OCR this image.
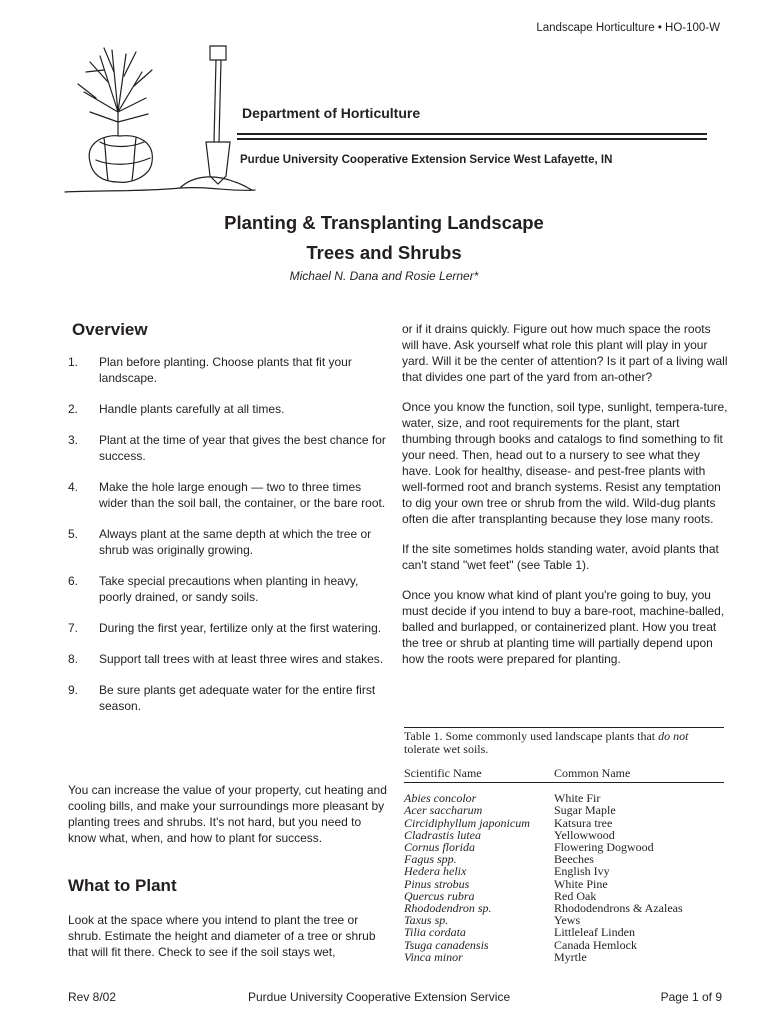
Landscape Horticulture • HO-100-W
Department of Horticulture
Purdue University Cooperative Extension Service West Lafayette, IN
Planting & Transplanting Landscape
Trees and Shrubs
Michael N. Dana and Rosie Lerner*
Overview
1. Plan before planting. Choose plants that fit your landscape.
2. Handle plants carefully at all times.
3. Plant at the time of year that gives the best chance for success.
4. Make the hole large enough — two to three times wider than the soil ball, the container, or the bare root.
5. Always plant at the same depth at which the tree or shrub was originally growing.
6. Take special precautions when planting in heavy, poorly drained, or sandy soils.
7. During the first year, fertilize only at the first watering.
8. Support tall trees with at least three wires and stakes.
9. Be sure plants get adequate water for the entire first season.
You can increase the value of your property, cut heating and cooling bills, and make your surroundings more pleasant by planting trees and shrubs. It's not hard, but you need to know what, when, and how to plant for success.
What to Plant
Look at the space where you intend to plant the tree or shrub. Estimate the height and diameter of a tree or shrub that will fit there. Check to see if the soil stays wet,

or if it drains quickly. Figure out how much space the roots will have. Ask yourself what role this plant will play in your yard. Will it be the center of attention? Is it part of a living wall that divides one part of the yard from an-other?

Once you know the function, soil type, sunlight, tempera-ture, water, size, and root requirements for the plant, start thumbing through books and catalogs to find something to fit your need. Then, head out to a nursery to see what they have. Look for healthy, disease- and pest-free plants with well-formed root and branch systems. Resist any temptation to dig your own tree or shrub from the wild. Wild-dug plants often die after transplanting because they lose many roots.

If the site sometimes holds standing water, avoid plants that can't stand "wet feet" (see Table 1).

Once you know what kind of plant you're going to buy, you must decide if you intend to buy a bare-root, machine-balled, balled and burlapped, or containerized plant. How you treat the tree or shrub at planting time will partially depend upon how the roots were prepared for planting.

Table 1. Some commonly used landscape plants that do not tolerate wet soils.
Scientific Name	Common Name
Abies concolor	White Fir
Acer saccharum	Sugar Maple
Circidiphyllum japonicum	Katsura tree
Cladrastis lutea	Yellowwood
Cornus florida	Flowering Dogwood
Fagus spp.	Beeches
Hedera helix	English Ivy
Pinus strobus	White Pine
Quercus rubra	Red Oak
Rhododendron sp.	Rhododendrons & Azaleas
Taxus sp.	Yews
Tilia cordata	Littleleaf Linden
Tsuga canadensis	Canada Hemlock
Vinca minor	Myrtle
Rev 8/02	Purdue University Cooperative Extension Service	Page 1 of 9
